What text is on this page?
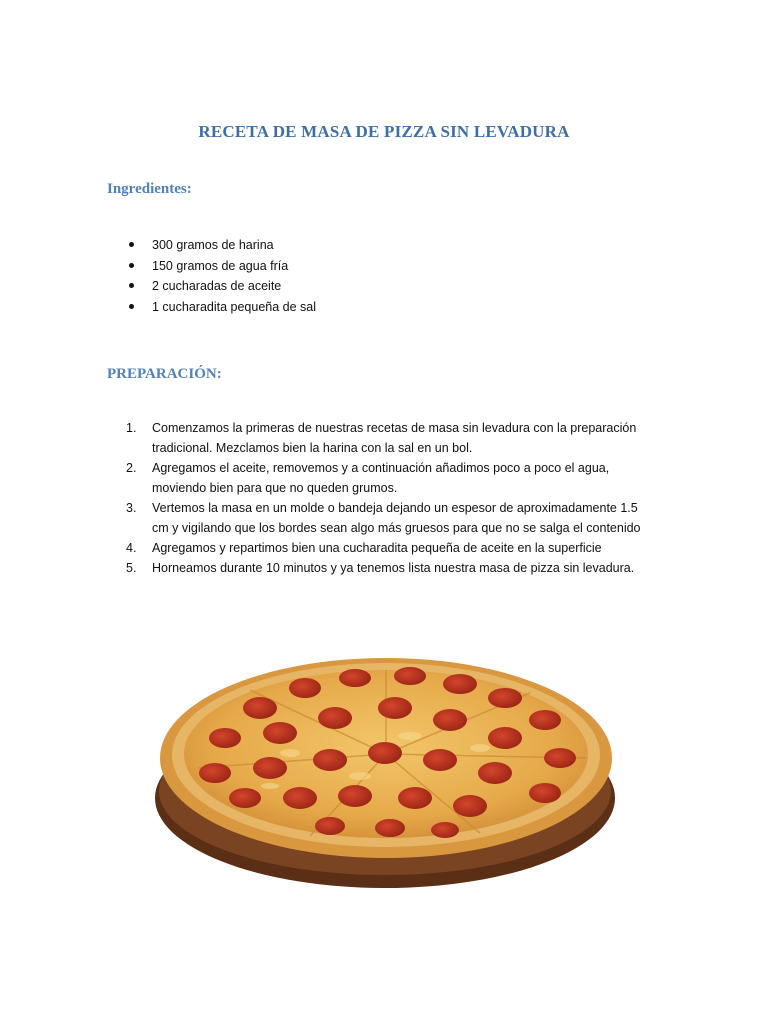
RECETA DE MASA DE PIZZA SIN LEVADURA
Ingredientes:
300 gramos de harina
150 gramos de agua fría
2 cucharadas de aceite
1 cucharadita pequeña de sal
PREPARACIÓN:
1.	Comenzamos la primeras de nuestras recetas de masa sin levadura con la preparación tradicional. Mezclamos bien la harina con la sal en un bol.
2.	Agregamos el aceite, removemos y a continuación añadimos poco a poco el agua, moviendo bien para que no queden grumos.
3.	Vertemos la masa en un molde o bandeja dejando un espesor de aproximadamente 1.5 cm y vigilando que los bordes sean algo más gruesos para que no se salga el contenido
4.	Agregamos y repartimos bien una cucharadita pequeña de aceite en la superficie
5.	Horneamos durante 10 minutos y ya tenemos lista nuestra masa de pizza sin levadura.
